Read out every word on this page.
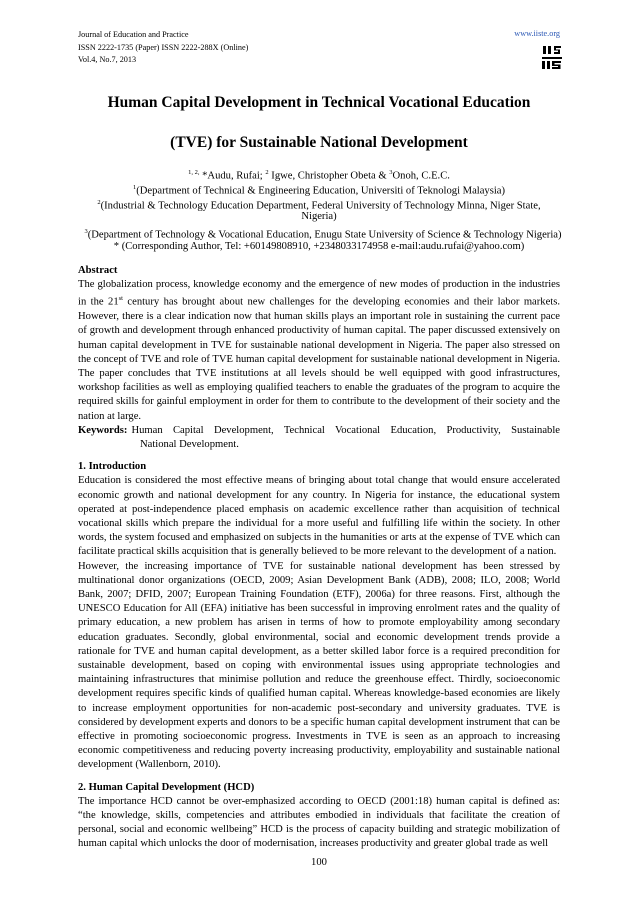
Journal of Education and Practice
ISSN 2222-1735 (Paper) ISSN 2222-288X (Online)
Vol.4, No.7, 2013
www.iiste.org
Human Capital Development in Technical Vocational Education
(TVE) for Sustainable National Development
$^{1, 2,}$ *Audu, Rufai; $^2$ Igwe, Christopher Obeta & $^3$Onoh, C.E.C.
$^1$(Department of Technical & Engineering Education, Universiti of Teknologi Malaysia)
$^2$(Industrial & Technology Education Department, Federal University of Technology Minna, Niger State,
Nigeria)
$^3$(Department of Technology & Vocational Education, Enugu State University of Science & Technology Nigeria)
* (Corresponding Author, Tel: +60149808910, +2348033174958 e-mail:audu.rufai@yahoo.com)

Abstract

The globalization process, knowledge economy and the emergence of new modes of production in the industries in the 21st century has brought about new challenges for the developing economies and their labor markets. However, there is a clear indication now that human skills plays an important role in sustaining the current pace of growth and development through enhanced productivity of human capital. The paper discussed extensively on human capital development in TVE for sustainable national development in Nigeria. The paper also stressed on the concept of TVE and role of TVE human capital development for sustainable national development in Nigeria. The paper concludes that TVE institutions at all levels should be well equipped with good infrastructures, workshop facilities as well as employing qualified teachers to enable the graduates of the program to acquire the required skills for gainful employment in order for them to contribute to the development of their society and the nation at large.

Keywords: Human Capital Development, Technical Vocational Education, Productivity, Sustainable

National Development.

1. Introduction

Education is considered the most effective means of bringing about total change that would ensure accelerated economic growth and national development for any country. In Nigeria for instance, the educational system operated at post-independence placed emphasis on academic excellence rather than acquisition of technical vocational skills which prepare the individual for a more useful and fulfilling life within the society. In other words, the system focused and emphasized on subjects in the humanities or arts at the expense of TVE which can facilitate practical skills acquisition that is generally believed to be more relevant to the development of a nation.

However, the increasing importance of TVE for sustainable national development has been stressed by multinational donor organizations (OECD, 2009; Asian Development Bank (ADB), 2008; ILO, 2008; World Bank, 2007; DFID, 2007; European Training Foundation (ETF), 2006a) for three reasons. First, although the UNESCO Education for All (EFA) initiative has been successful in improving enrolment rates and the quality of primary education, a new problem has arisen in terms of how to promote employability among secondary education graduates. Secondly, global environmental, social and economic development trends provide a rationale for TVE and human capital development, as a better skilled labor force is a required precondition for sustainable development, based on coping with environmental issues using appropriate technologies and maintaining infrastructures that minimise pollution and reduce the greenhouse effect. Thirdly, socioeconomic development requires specific kinds of qualified human capital. Whereas knowledge-based economies are likely to increase employment opportunities for non-academic post-secondary and university graduates. TVE is considered by development experts and donors to be a specific human capital development instrument that can be effective in promoting socioeconomic progress. Investments in TVE is seen as an approach to increasing economic competitiveness and reducing poverty increasing productivity, employability and sustainable national development (Wallenborn, 2010).

2. Human Capital Development (HCD)

The importance HCD cannot be over-emphasized according to OECD (2001:18) human capital is defined as: “the knowledge, skills, competencies and attributes embodied in individuals that facilitate the creation of personal, social and economic wellbeing” HCD is the process of capacity building and strategic mobilization of human capital which unlocks the door of modernisation, increases productivity and greater global trade as well

100
